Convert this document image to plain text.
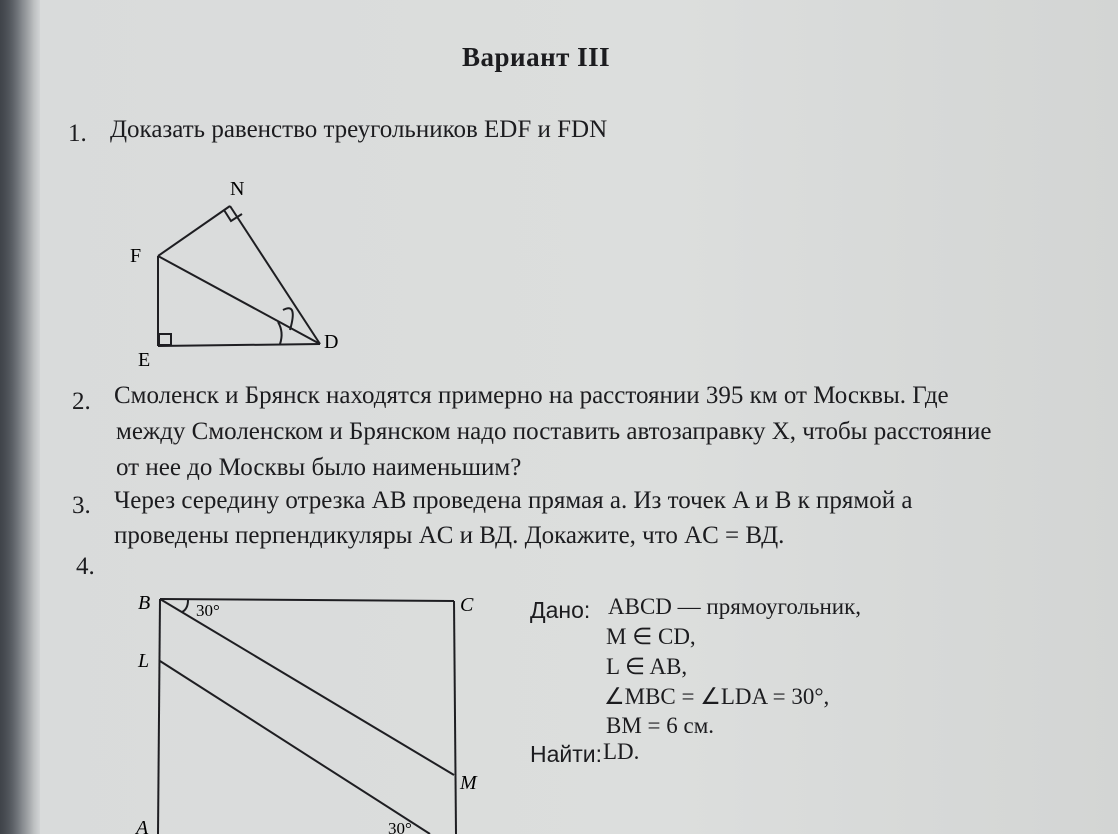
Вариант III
1. Доказать равенство треугольников EDF и FDN
N
F
E
D
2. Смоленск и Брянск находятся примерно на расстоянии 395 км от Москвы. Где
между Смоленском и Брянском надо поставить автозаправку X, чтобы расстояние
от нее до Москвы было наименьшим?
3. Через середину отрезка AB проведена прямая a. Из точек A и B к прямой a
проведены перпендикуляры AC и ВД. Докажите, что AC = ВД.
4.
B	C
L
M
A
30°
30°
Дано: ABCD — прямоугольник,
M ∈ CD,
L ∈ AB,
∠MBC = ∠LDA = 30°,
BM = 6 см.
Найти: LD.
